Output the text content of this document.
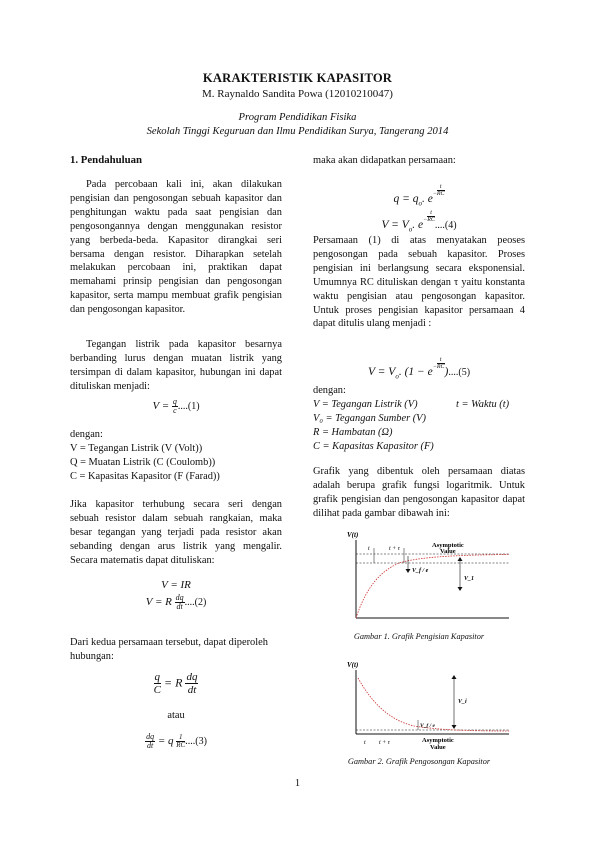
KARAKTERISTIK KAPASITOR
M. Raynaldo Sandita Powa (12010210047)
Program Pendidikan Fisika
Sekolah Tinggi Keguruan dan Ilmu Pendidikan Surya, Tangerang 2014
1. Pendahuluan
Pada percobaan kali ini, akan dilakukan pengisian dan pengosongan sebuah kapasitor dan penghitungan waktu pada saat pengisian dan pengosongannya dengan menggunakan resistor yang berbeda-beda. Kapasitor dirangkai seri bersama dengan resistor. Diharapkan setelah melakukan percobaan ini, praktikan dapat memahami prinsip pengisian dan pengosongan kapasitor, serta mampu membuat grafik pengisian dan pengosongan kapasitor.
Tegangan listrik pada kapasitor besarnya berbanding lurus dengan muatan listrik yang tersimpan di dalam kapasitor, hubungan ini dapat dituliskan menjadi:
$V = \frac{q}{c} ....(1)$
dengan:
V = Tegangan Listrik (V (Volt))
Q = Muatan Listrik (C (Coulomb))
C = Kapasitas Kapasitor (F (Farad))
Jika kapasitor terhubung secara seri dengan sebuah resistor dalam sebuah rangkaian, maka besar tegangan yang terjadi pada resistor akan sebanding dengan arus listrik yang mengalir. Secara matematis dapat dituliskan:
V = IR
V = R $\frac{dq}{dt} ....(2)$
Dari kedua persamaan tersebut, dapat diperoleh hubungan:
$\frac{q}{C} = R \frac{dq}{dt}$
atau
$\frac{dq}{dt} = q \frac{1}{RC} ....(3)$
maka akan didapatkan persamaan:
$q = q_o$. e − $^{\frac{t}{RC}}$
$V = V_o$. e − $^{\frac{t}{RC}}$
....(4)
Persamaan (1) di atas menyatakan peoses pengosongan pada sebuah kapasitor. Proses pengisian ini berlangsung secara eksponensial. Umumnya RC dituliskan dengan τ yaitu konstanta waktu pengisian atau pengosongan kapasitor. Untuk proses pengisian kapasitor persamaan 4 dapat ditulis ulang menjadi :
$V = V_o$. (1 − e − $^{\frac{t}{RC}}$
)....(5)
dengan:
V = Tegangan Listrik (V)	t = Waktu (t)
V₀ = Tegangan Sumber (V)
R = Hambatan (Ω)
C = Kapasitas Kapasitor (F)
Grafik yang dibentuk oleh persamaan diatas adalah berupa grafik fungsi logaritmik. Untuk grafik pengisian dan pengosongan kapasitor dapat dilihat pada gambar dibawah ini:
V(t)
t	t + τ	Asymptotic
Value
V_f / e
V_1
Gambar 1. Grafik Pengisian Kapasitor
V(t)
V_i
V_f / e
t t + τ	Asymptotic
Value
Gambar 2. Grafik Pengosongan Kapasitor
1
